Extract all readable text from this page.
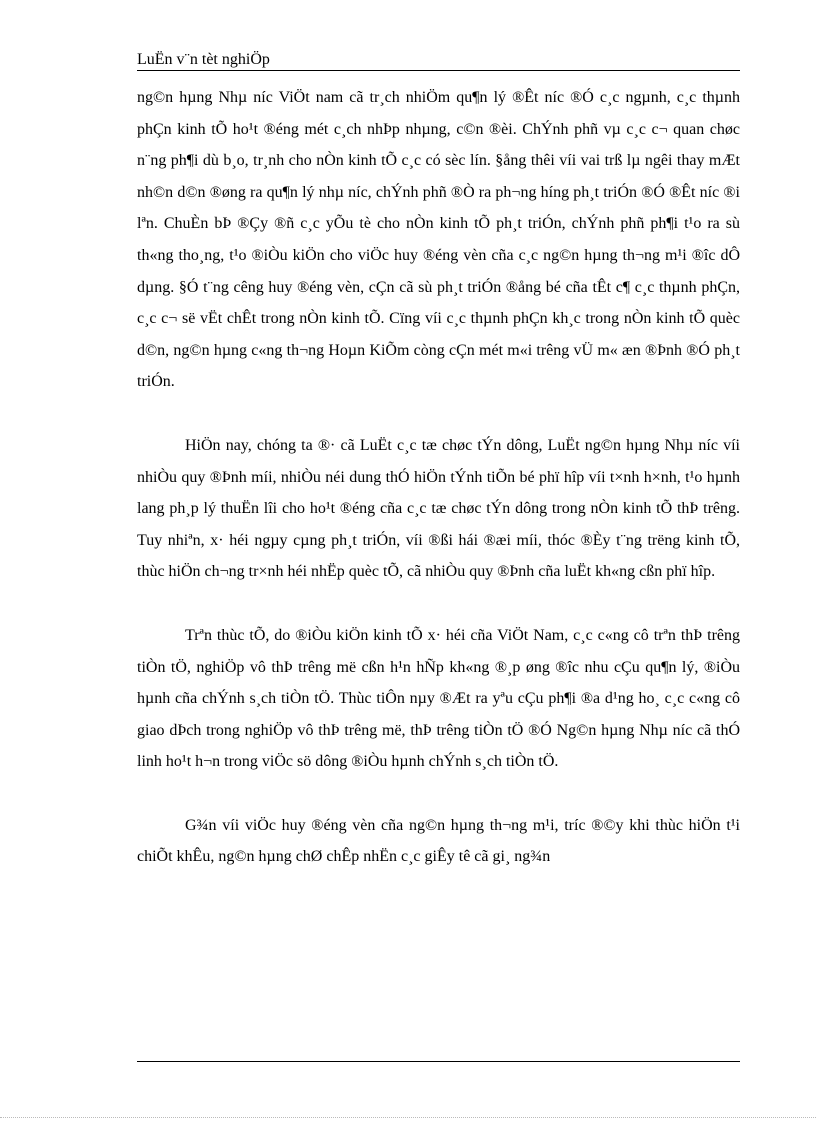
LuËn v¨n tèt nghiÖp

ng©n hµng Nhµ níc ViÖt nam cã tr¸ch nhiÖm qu¶n lý ®Êt níc ®Ó c¸c ngµnh, c¸c thµnh phÇn kinh tÕ ho¹t ®éng mét c¸ch nhÞp nhµng, c©n ®èi. ChÝnh phñ vµ c¸c c¬ quan chøc n¨ng ph¶i dù b¸o, tr¸nh cho nÒn kinh tÕ c¸c có sèc lín. §ång thêi víi vai trß lµ ngêi thay mÆt nh©n d©n ®øng ra qu¶n lý nhµ níc, chÝnh phñ ®Ò ra ph¬ng híng ph¸t triÓn ®Ó ®Êt níc ®i lªn. ChuÈn bÞ ®Çy ®ñ c¸c yÕu tè cho nÒn kinh tÕ ph¸t triÓn, chÝnh phñ ph¶i t¹o ra sù th«ng tho¸ng, t¹o ®iÒu kiÖn cho viÖc huy ®éng vèn cña c¸c ng©n hµng th¬ng m¹i ®îc dÔ dµng. §Ó t¨ng cêng huy ®éng vèn, cÇn cã sù ph¸t triÓn ®ång bé cña tÊt c¶ c¸c thµnh phÇn, c¸c c¬ së vËt chÊt trong nÒn kinh tÕ. Cïng víi c¸c thµnh phÇn kh¸c trong nÒn kinh tÕ quèc d©n, ng©n hµng c«ng th¬ng Hoµn KiÕm còng cÇn mét m«i trêng vÜ m« æn ®Þnh ®Ó ph¸t triÓn.

HiÖn nay, chóng ta ®· cã LuËt c¸c tæ chøc tÝn dông, LuËt ng©n hµng Nhµ níc víi nhiÒu quy ®Þnh míi, nhiÒu néi dung thÓ hiÖn tÝnh tiÕn bé phï hîp víi t×nh h×nh, t¹o hµnh lang ph¸p lý thuËn lîi cho ho¹t ®éng cña c¸c tæ chøc tÝn dông trong nÒn kinh tÕ thÞ trêng. Tuy nhiªn, x· héi ngµy cµng ph¸t triÓn, víi ®ßi hái ®æi míi, thóc ®Èy t¨ng trëng kinh tÕ, thùc hiÖn ch¬ng tr×nh héi nhËp quèc tÕ, cã nhiÒu quy ®Þnh cña luËt kh«ng cßn phï hîp.

Trªn thùc tÕ, do ®iÒu kiÖn kinh tÕ x· héi cña ViÖt Nam, c¸c c«ng cô trªn thÞ trêng tiÒn tÖ, nghiÖp vô thÞ trêng më cßn h¹n hÑp kh«ng ®¸p øng ®îc nhu cÇu qu¶n lý, ®iÒu hµnh cña chÝnh s¸ch tiÒn tÖ. Thùc tiÔn nµy ®Æt ra yªu cÇu ph¶i ®a d¹ng ho¸ c¸c c«ng cô giao dÞch trong nghiÖp vô thÞ trêng më, thÞ trêng tiÒn tÖ ®Ó Ng©n hµng Nhµ níc cã thÓ linh ho¹t h¬n trong viÖc sö dông ®iÒu hµnh chÝnh s¸ch tiÒn tÖ.

G¾n víi viÖc huy ®éng vèn cña ng©n hµng th¬ng m¹i, tríc ®©y khi thùc hiÖn t¹i chiÕt khÊu, ng©n hµng chØ chÊp nhËn c¸c giÊy tê cã gi¸ ng¾n
